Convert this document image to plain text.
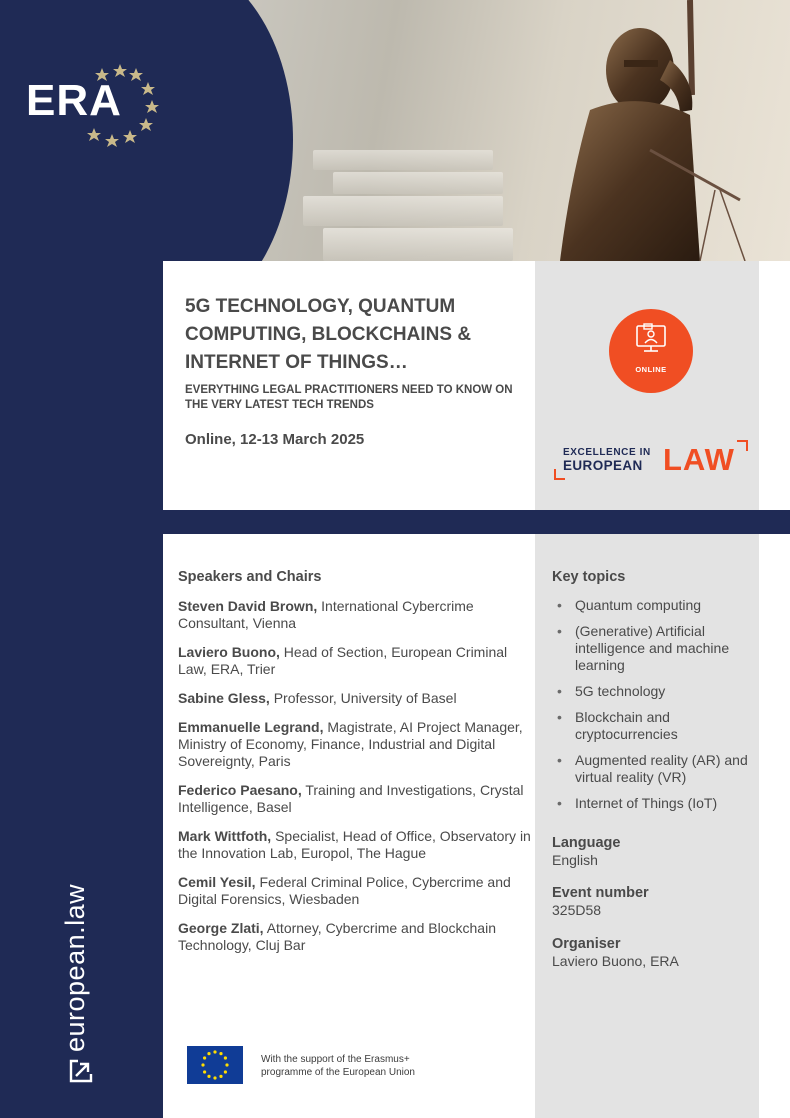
ERA
5G TECHNOLOGY, QUANTUM COMPUTING, BLOCKCHAINS & INTERNET OF THINGS…

EVERYTHING LEGAL PRACTITIONERS NEED TO KNOW ON THE VERY LATEST TECH TRENDS

Online, 12-13 March 2025

ONLINE
EXCELLENCE IN
EUROPEAN LAW
Speakers and Chairs

Steven David Brown, International Cybercrime Consultant, Vienna

Laviero Buono, Head of Section, European Criminal Law, ERA, Trier

Sabine Gless, Professor, University of Basel

Emmanuelle Legrand, Magistrate, AI Project Manager, Ministry of Economy, Finance, Industrial and Digital Sovereignty, Paris

Federico Paesano, Training and Investigations, Crystal Intelligence, Basel

Mark Wittfoth, Specialist, Head of Office, Observatory in the Innovation Lab, Europol, The Hague

Cemil Yesil, Federal Criminal Police, Cybercrime and Digital Forensics, Wiesbaden

George Zlati, Attorney, Cybercrime and Blockchain Technology, Cluj Bar

With the support of the Erasmus+ programme of the European Union

Key topics
• Quantum computing
• (Generative) Artificial intelligence and machine learning
• 5G technology
• Blockchain and cryptocurrencies
• Augmented reality (AR) and virtual reality (VR)
• Internet of Things (IoT)
Language
English
Event number
325D58
Organiser
Laviero Buono, ERA
european.law
